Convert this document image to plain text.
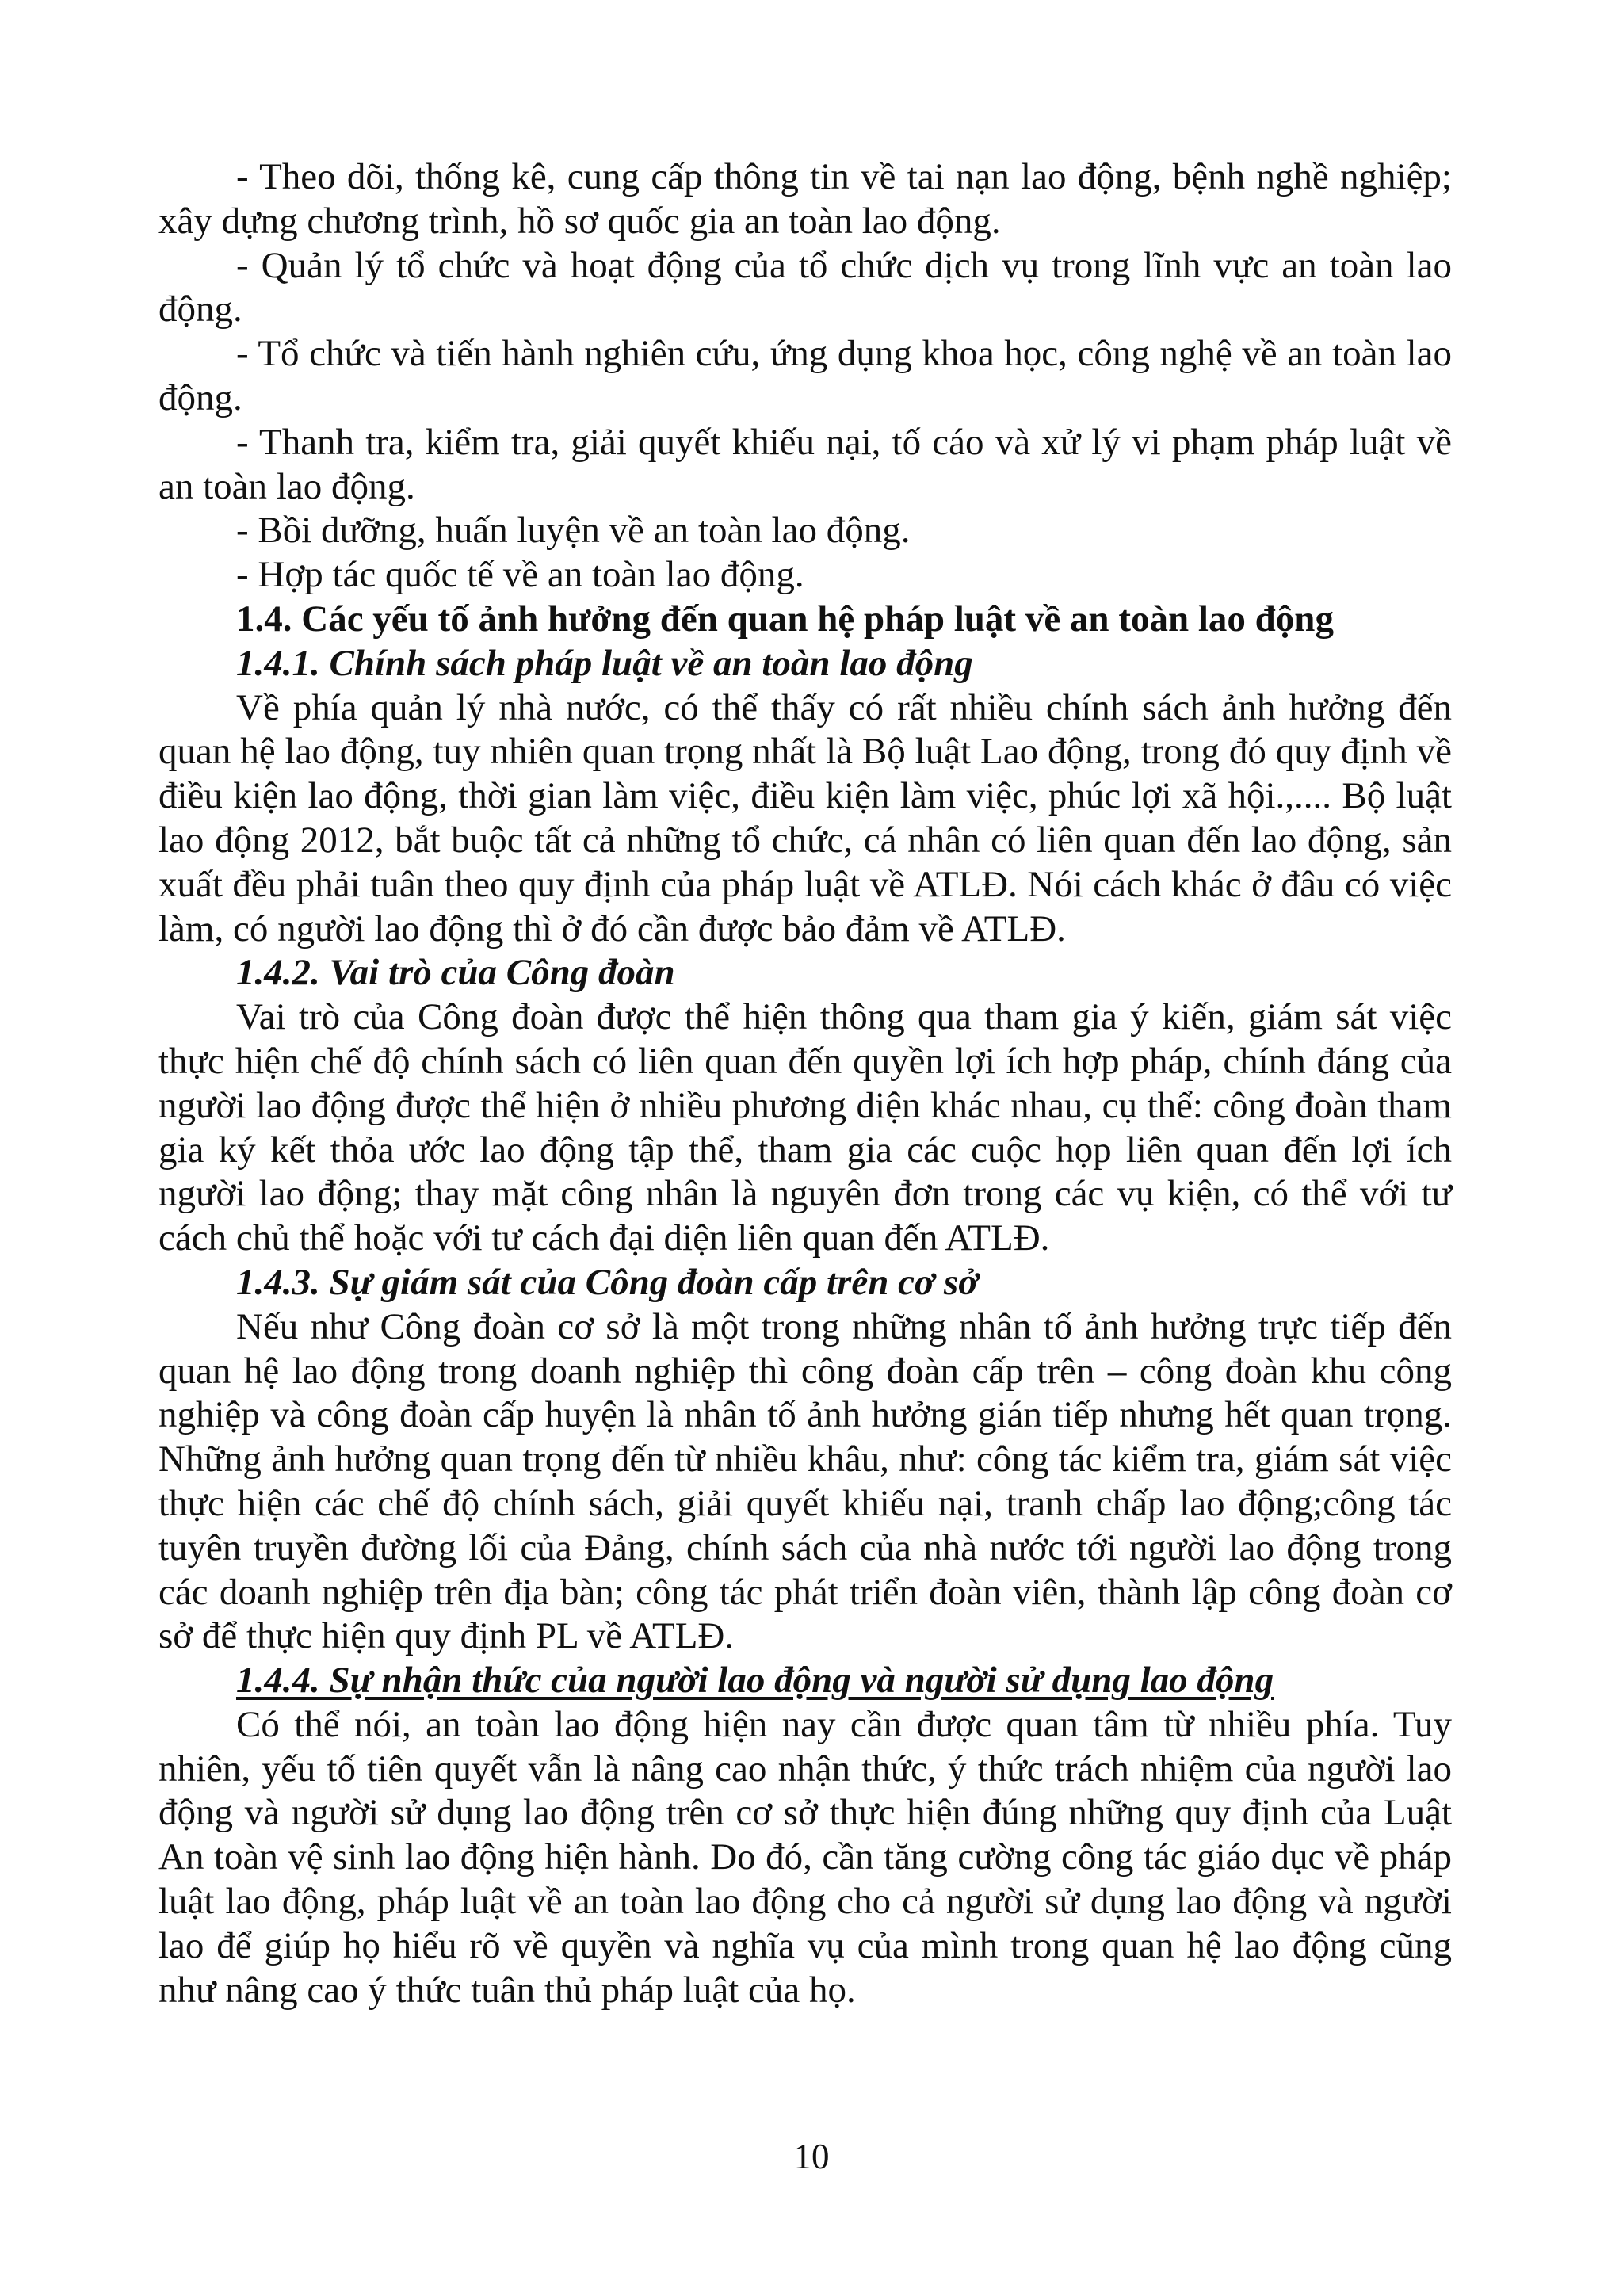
- Theo dõi, thống kê, cung cấp thông tin về tai nạn lao động, bệnh nghề nghiệp; xây dựng chương trình, hồ sơ quốc gia an toàn lao động.

- Quản lý tổ chức và hoạt động của tổ chức dịch vụ trong lĩnh vực an toàn lao động.

- Tổ chức và tiến hành nghiên cứu, ứng dụng khoa học, công nghệ về an toàn lao động.

- Thanh tra, kiểm tra, giải quyết khiếu nại, tố cáo và xử lý vi phạm pháp luật về an toàn lao động.

- Bồi dưỡng, huấn luyện về an toàn lao động.

- Hợp tác quốc tế về an toàn lao động.

1.4. Các yếu tố ảnh hưởng đến quan hệ pháp luật về an toàn lao động

1.4.1. Chính sách pháp luật về an toàn lao động

Về phía quản lý nhà nước, có thể thấy có rất nhiều chính sách ảnh hưởng đến quan hệ lao động, tuy nhiên quan trọng nhất là Bộ luật Lao động, trong đó quy định về điều kiện lao động, thời gian làm việc, điều kiện làm việc, phúc lợi xã hội.,.... Bộ luật lao động 2012, bắt buộc tất cả những tổ chức, cá nhân có liên quan đến lao động, sản xuất đều phải tuân theo quy định của pháp luật về ATLĐ. Nói cách khác ở đâu có việc làm, có người lao động thì ở đó cần được bảo đảm về ATLĐ.

1.4.2. Vai trò của Công đoàn

Vai trò của Công đoàn được thể hiện thông qua tham gia ý kiến, giám sát việc thực hiện chế độ chính sách có liên quan đến quyền lợi ích hợp pháp, chính đáng của người lao động được thể hiện ở nhiều phương diện khác nhau, cụ thể: công đoàn tham gia ký kết thỏa ước lao động tập thể, tham gia các cuộc họp liên quan đến lợi ích người lao động; thay mặt công nhân là nguyên đơn trong các vụ kiện, có thể với tư cách chủ thể hoặc với tư cách đại diện liên quan đến ATLĐ.

1.4.3. Sự giám sát của Công đoàn cấp trên cơ sở

Nếu như Công đoàn cơ sở là một trong những nhân tố ảnh hưởng trực tiếp đến quan hệ lao động trong doanh nghiệp thì công đoàn cấp trên – công đoàn khu công nghiệp và công đoàn cấp huyện là nhân tố ảnh hưởng gián tiếp nhưng hết quan trọng. Những ảnh hưởng quan trọng đến từ nhiều khâu, như: công tác kiểm tra, giám sát việc thực hiện các chế độ chính sách, giải quyết khiếu nại, tranh chấp lao động;công tác tuyên truyền đường lối của Đảng, chính sách của nhà nước tới người lao động trong các doanh nghiệp trên địa bàn; công tác phát triển đoàn viên, thành lập công đoàn cơ sở để thực hiện quy định PL về ATLĐ.

1.4.4. Sự nhận thức của người lao động và người sử dụng lao động

Có thể nói, an toàn lao động hiện nay cần được quan tâm từ nhiều phía. Tuy nhiên, yếu tố tiên quyết vẫn là nâng cao nhận thức, ý thức trách nhiệm của người lao động và người sử dụng lao động trên cơ sở thực hiện đúng những quy định của Luật An toàn vệ sinh lao động hiện hành. Do đó, cần tăng cường công tác giáo dục về pháp luật lao động, pháp luật về an toàn lao động cho cả người sử dụng lao động và người lao để giúp họ hiểu rõ về quyền và nghĩa vụ của mình trong quan hệ lao động cũng như nâng cao ý thức tuân thủ pháp luật của họ.

10
